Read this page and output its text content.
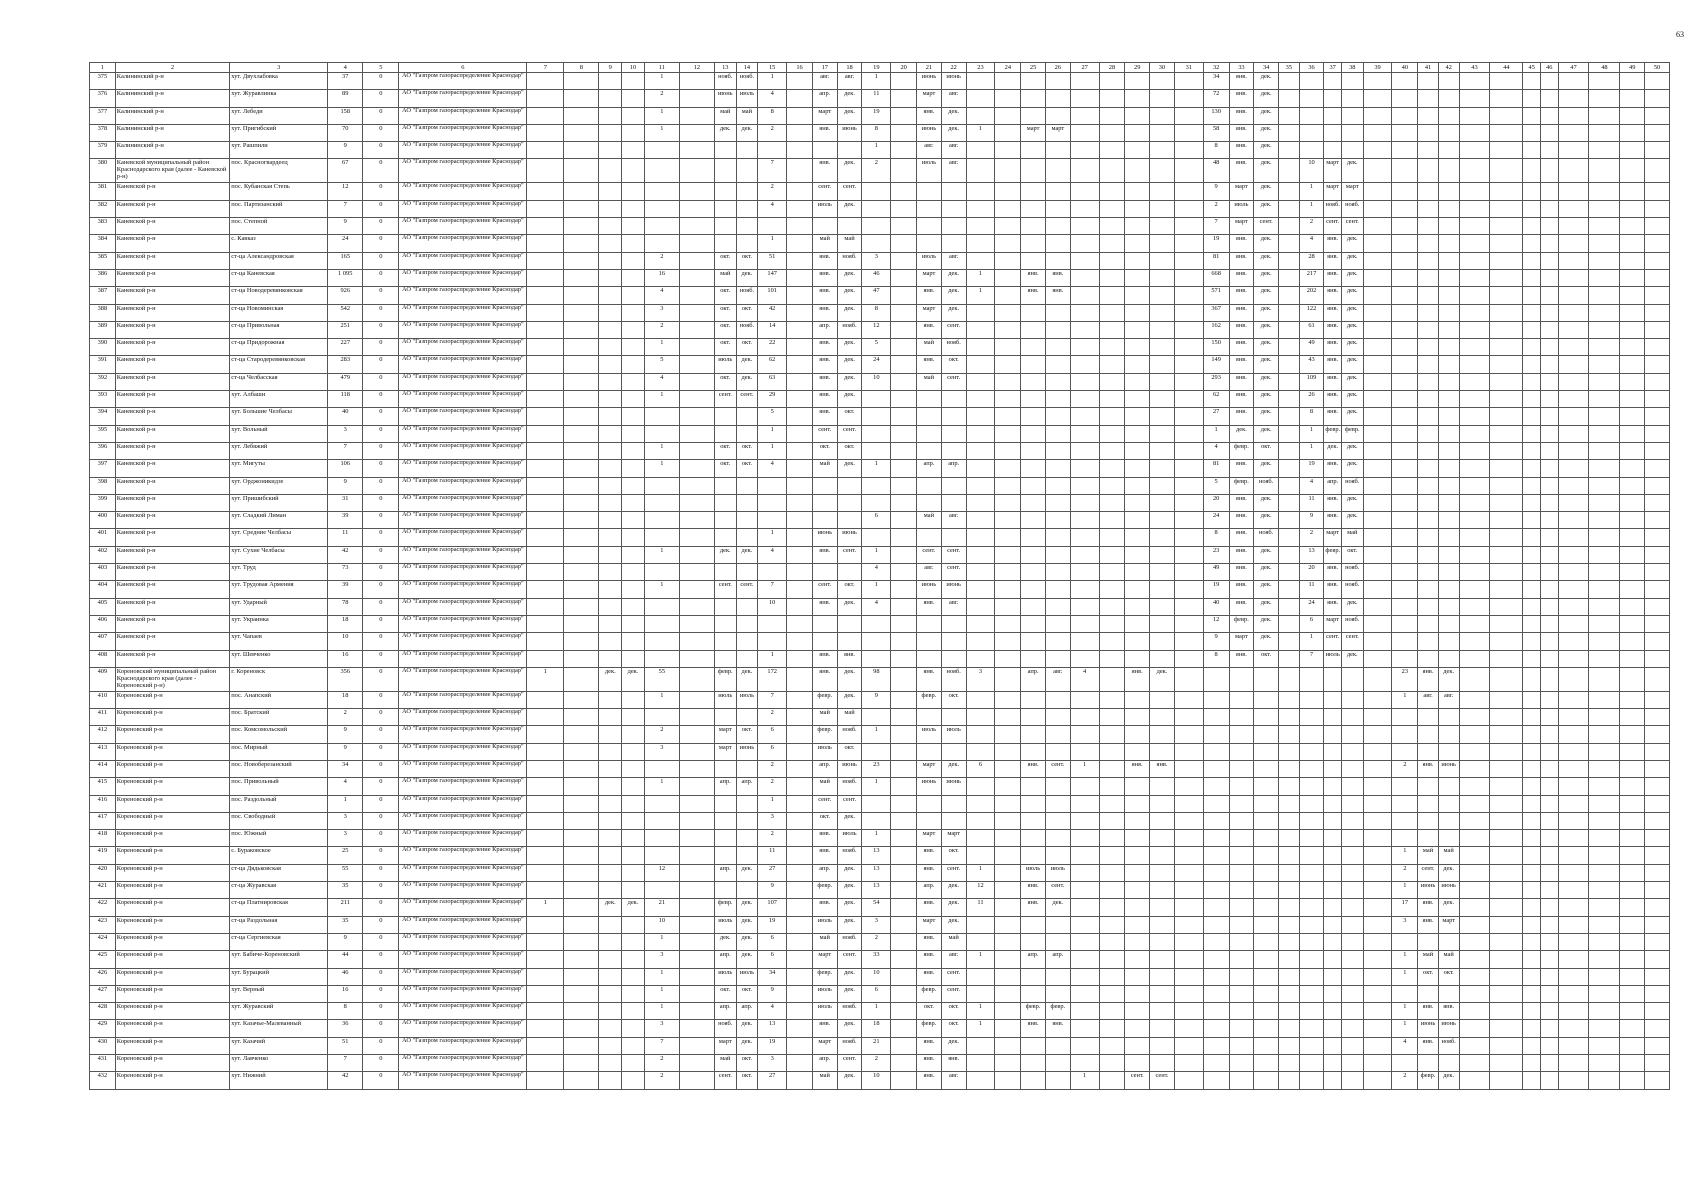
63
1	2	3	4	5	6	7	8	9	10	11	12	13	14	15	16	17	18	19	20	21	22	23	24	25	26	27	28	29	30	31	32	33	34	35	36	37	38	39	40	41	42	43	44	45	46	47	48	49	50
375	Калининский р-н	хут. Двухлабовка	37	0	АО "Газпром газораспределение Краснодар"					1		нояб.	нояб.	1		авг.	авг.	1		июнь	июнь										34	янв.	дек.																
376	Калининский р-н	хут. Журавлинка	89	0	АО "Газпром газораспределение Краснодар"					2		июнь	июль	4		апр.	дек.	11		март	авг.										72	янв.	дек.																
377	Калининский р-н	хут. Лебеди	158	0	АО "Газпром газораспределение Краснодар"					1		май	май	8		март	дек.	19		янв.	дек.										130	янв.	дек.																
378	Калининский р-н	хут. Пригибский	70	0	АО "Газпром газораспределение Краснодар"					1		дек.	дек.	2		янв.	июнь	8		июнь	дек.	1		март	март						58	янв.	дек.																
379	Калининский р-н	хут. Рашпили	9	0	АО "Газпром газораспределение Краснодар"													1		авг.	авг.										8	янв.	дек.																
380	Каневской муниципальный район Краснодарского края (далее - Каневской р-н)	пос. Красногвардеец	67	0	АО "Газпром газораспределение Краснодар"									7		янв.	дек.	2		июль	авг.										48	янв.	дек.		10	март	дек.												
381	Каневской р-н	пос. Кубанская Степь	12	0	АО "Газпром газораспределение Краснодар"									2		сент.	сент.														9	март	дек.		1	март	март												
382	Каневской р-н	пос. Партизанский	7	0	АО "Газпром газораспределение Краснодар"									4		июль	дек.														2	июль	дек.		1	нояб.	нояб.												
383	Каневской р-н	пос. Степной	9	0	АО "Газпром газораспределение Краснодар"																										7	март	сент.		2	сент.	сент.												
384	Каневской р-н	с. Кавказ	24	0	АО "Газпром газораспределение Краснодар"									1		май	май														19	янв.	дек.		4	янв.	дек.												
385	Каневской р-н	ст-ца Александровская	165	0	АО "Газпром газораспределение Краснодар"					2		окт.	окт.	51		янв.	нояб.	3		июль	авг.										81	янв.	дек.		28	янв.	дек.												
386	Каневской р-н	ст-ца Каневская	1 095	0	АО "Газпром газораспределение Краснодар"					16		май	дек.	147		янв.	дек.	46		март	дек.	1		янв.	янв.						668	янв.	дек.		217	янв.	дек.												
387	Каневской р-н	ст-ца Новодеревянковская	926	0	АО "Газпром газораспределение Краснодар"					4		окт.	нояб.	101		янв.	дек.	47		янв.	дек.	1		янв.	янв.						571	янв.	дек.		202	янв.	дек.												
388	Каневской р-н	ст-ца Новоминская	542	0	АО "Газпром газораспределение Краснодар"					3		окт.	окт.	42		янв.	дек.	8		март	дек.										367	янв.	дек.		122	янв.	дек.												
389	Каневской р-н	ст-ца Привольная	251	0	АО "Газпром газораспределение Краснодар"					2		окт.	нояб.	14		апр.	нояб.	12		янв.	сент.										162	янв.	дек.		61	янв.	дек.												
390	Каневской р-н	ст-ца Придорожная	227	0	АО "Газпром газораспределение Краснодар"					1		окт.	окт.	22		янв.	дек.	5		май	нояб.										150	янв.	дек.		49	янв.	дек.												
391	Каневской р-н	ст-ца Стародеревянковская	283	0	АО "Газпром газораспределение Краснодар"					5		июль	дек.	62		янв.	дек.	24		янв.	окт.										149	янв.	дек.		43	янв.	дек.												
392	Каневской р-н	ст-ца Челбасская	479	0	АО "Газпром газораспределение Краснодар"					4		окт.	дек.	63		янв.	дек.	10		май	сент.										293	янв.	дек.		109	янв.	дек.												
393	Каневской р-н	хут. Албаши	118	0	АО "Газпром газораспределение Краснодар"					1		сент.	сент.	29		янв.	дек.														62	янв.	дек.		26	янв.	дек.												
394	Каневской р-н	хут. Большие Челбасы	40	0	АО "Газпром газораспределение Краснодар"									5		янв.	окт.														27	янв.	дек.		8	янв.	дек.												
395	Каневской р-н	хут. Вольный	3	0	АО "Газпром газораспределение Краснодар"									1		сент.	сент.														1	дек.	дек.		1	февр.	февр.												
396	Каневской р-н	хут. Лебяжий	7	0	АО "Газпром газораспределение Краснодар"					1		окт.	окт.	1		окт.	окт.														4	февр.	окт.		1	дек.	дек.												
397	Каневской р-н	хут. Мигуты	106	0	АО "Газпром газораспределение Краснодар"					1		окт.	окт.	4		май	дек.	1		апр.	апр.										81	янв.	дек.		19	янв.	дек.												
398	Каневской р-н	хут. Орджоникидзе	9	0	АО "Газпром газораспределение Краснодар"																										5	февр.	нояб.		4	апр.	нояб.												
399	Каневской р-н	хут. Пришибский	31	0	АО "Газпром газораспределение Краснодар"																										20	янв.	дек.		11	янв.	дек.												
400	Каневской р-н	хут. Сладкий Лиман	39	0	АО "Газпром газораспределение Краснодар"													6		май	авг.										24	янв.	дек.		9	янв.	дек.												
401	Каневской р-н	хут. Средние Челбасы	11	0	АО "Газпром газораспределение Краснодар"									1		июнь	июнь														8	янв.	нояб.		2	март	май												
402	Каневской р-н	хут. Сухие Челбасы	42	0	АО "Газпром газораспределение Краснодар"					1		дек.	дек.	4		янв.	сент.	1		сент.	сент.										23	янв.	дек.		13	февр.	окт.												
403	Каневской р-н	хут. Труд	73	0	АО "Газпром газораспределение Краснодар"													4		авг.	сент.										49	янв.	дек.		20	янв.	нояб.												
404	Каневской р-н	хут. Трудовая Армения	39	0	АО "Газпром газораспределение Краснодар"					1		сент.	сент.	7		сент.	окт.	1		июнь	июнь										19	янв.	дек.		11	янв.	нояб.												
405	Каневской р-н	хут. Ударный	78	0	АО "Газпром газораспределение Краснодар"									10		янв.	дек.	4		янв.	авг.										40	янв.	дек.		24	янв.	дек.												
406	Каневской р-н	хут. Украинка	18	0	АО "Газпром газораспределение Краснодар"																										12	февр.	дек.		6	март	нояб.												
407	Каневской р-н	хут. Чапаев	10	0	АО "Газпром газораспределение Краснодар"																										9	март	дек.		1	сент.	сент.												
408	Каневской р-н	хут. Шевченко	16	0	АО "Газпром газораспределение Краснодар"									1		янв.	янв.														8	янв.	окт.		7	июль	дек.												
409	Кореновский муниципальный район Краснодарского края (далее - Кореновский р-н)	г. Кореновск	356	0	АО "Газпром газораспределение Краснодар"	1		дек.	дек.	55		февр.	дек.	172		янв.	дек.	98		янв.	нояб.	3		апр.	авг.	4		янв.	дек.										23	янв.	дек.								
410	Кореновский р-н	пос. Анапский	18	0	АО "Газпром газораспределение Краснодар"					1		июль	июль	7		февр.	дек.	9		февр.	окт.																		1	авг.	авг.								
411	Кореновский р-н	пос. Братский	2	0	АО "Газпром газораспределение Краснодар"									2		май	май																																
412	Кореновский р-н	пос. Комсомольский	9	0	АО "Газпром газораспределение Краснодар"					2		март	окт.	6		февр.	нояб.	1		июль	июль																												
413	Кореновский р-н	пос. Мирный	9	0	АО "Газпром газораспределение Краснодар"					3		март	июнь	6		июль	окт.																																
414	Кореновский р-н	пос. Новоберезанский	34	0	АО "Газпром газораспределение Краснодар"									2		апр.	июнь	23		март	дек.	6		янв.	сент.	1		янв.	янв.										2	янв.	июнь								
415	Кореновский р-н	пос. Привольный	4	0	АО "Газпром газораспределение Краснодар"					1		апр.	апр.	2		май	нояб.	1		июнь	июнь																												
416	Кореновский р-н	пос. Раздольный	1	0	АО "Газпром газораспределение Краснодар"									1		сент.	сент.																																
417	Кореновский р-н	пос. Свободный	3	0	АО "Газпром газораспределение Краснодар"									3		окт.	дек.																																
418	Кореновский р-н	пос. Южный	3	0	АО "Газпром газораспределение Краснодар"									2		янв.	июль	1		март	март																												
419	Кореновский р-н	с. Бураковское	25	0	АО "Газпром газораспределение Краснодар"									11		янв.	нояб.	13		янв.	окт.																		1	май	май								
420	Кореновский р-н	ст-ца Дядьковская	55	0	АО "Газпром газораспределение Краснодар"					12		апр.	дек.	27		апр.	дек.	13		янв.	сент.	1		июль	июль														2	сент.	дек.								
421	Кореновский р-н	ст-ца Журавская	35	0	АО "Газпром газораспределение Краснодар"									9		февр.	дек.	13		апр.	дек.	12		янв.	сент.														1	июнь	июнь								
422	Кореновский р-н	ст-ца Платнировская	211	0	АО "Газпром газораспределение Краснодар"	1		дек.	дек.	21		февр.	дек.	107		янв.	дек.	54		янв.	дек.	11		янв.	дек.														17	янв.	дек.								
423	Кореновский р-н	ст-ца Раздольная	35	0	АО "Газпром газораспределение Краснодар"					10		июль	дек.	19		июль	дек.	3		март	дек.																		3	янв.	март								
424	Кореновский р-н	ст-ца Сергиевская	9	0	АО "Газпром газораспределение Краснодар"					1		дек.	дек.	6		май	нояб.	2		янв.	май																												
425	Кореновский р-н	хут. Бабиче-Кореновский	44	0	АО "Газпром газораспределение Краснодар"					3		апр.	дек.	6		март	сент.	33		янв.	авг.	1		апр.	апр.														1	май	май								
426	Кореновский р-н	хут. Бурацкий	46	0	АО "Газпром газораспределение Краснодар"					1		июль	июль	34		февр.	дек.	10		янв.	сент.																		1	окт.	окт.								
427	Кореновский р-н	хут. Верный	16	0	АО "Газпром газораспределение Краснодар"					1		окт.	окт.	9		июль	дек.	6		февр.	сент.																												
428	Кореновский р-н	хут. Журавский	8	0	АО "Газпром газораспределение Краснодар"					1		апр.	апр.	4		июль	нояб.	1		окт.	окт.	1		февр.	февр.														1	янв.	янв.								
429	Кореновский р-н	хут. Казачье-Малеванный	36	0	АО "Газпром газораспределение Краснодар"					3		нояб.	дек.	13		янв.	дек.	18		февр.	окт.	1		янв.	янв.														1	июнь	июнь								
430	Кореновский р-н	хут. Казачий	51	0	АО "Газпром газораспределение Краснодар"					7		март	дек.	19		март	нояб.	21		янв.	дек.																		4	янв.	нояб.								
431	Кореновский р-н	хут. Лавченко	7	0	АО "Газпром газораспределение Краснодар"					2		май	окт.	3		апр.	сент.	2		янв.	янв.																												
432	Кореновский р-н	хут. Нижний	42	0	АО "Газпром газораспределение Краснодар"					2		сент.	окт.	27		май	дек.	10		янв.	авг.					1		сент.	сент.										2	февр.	дек.								
